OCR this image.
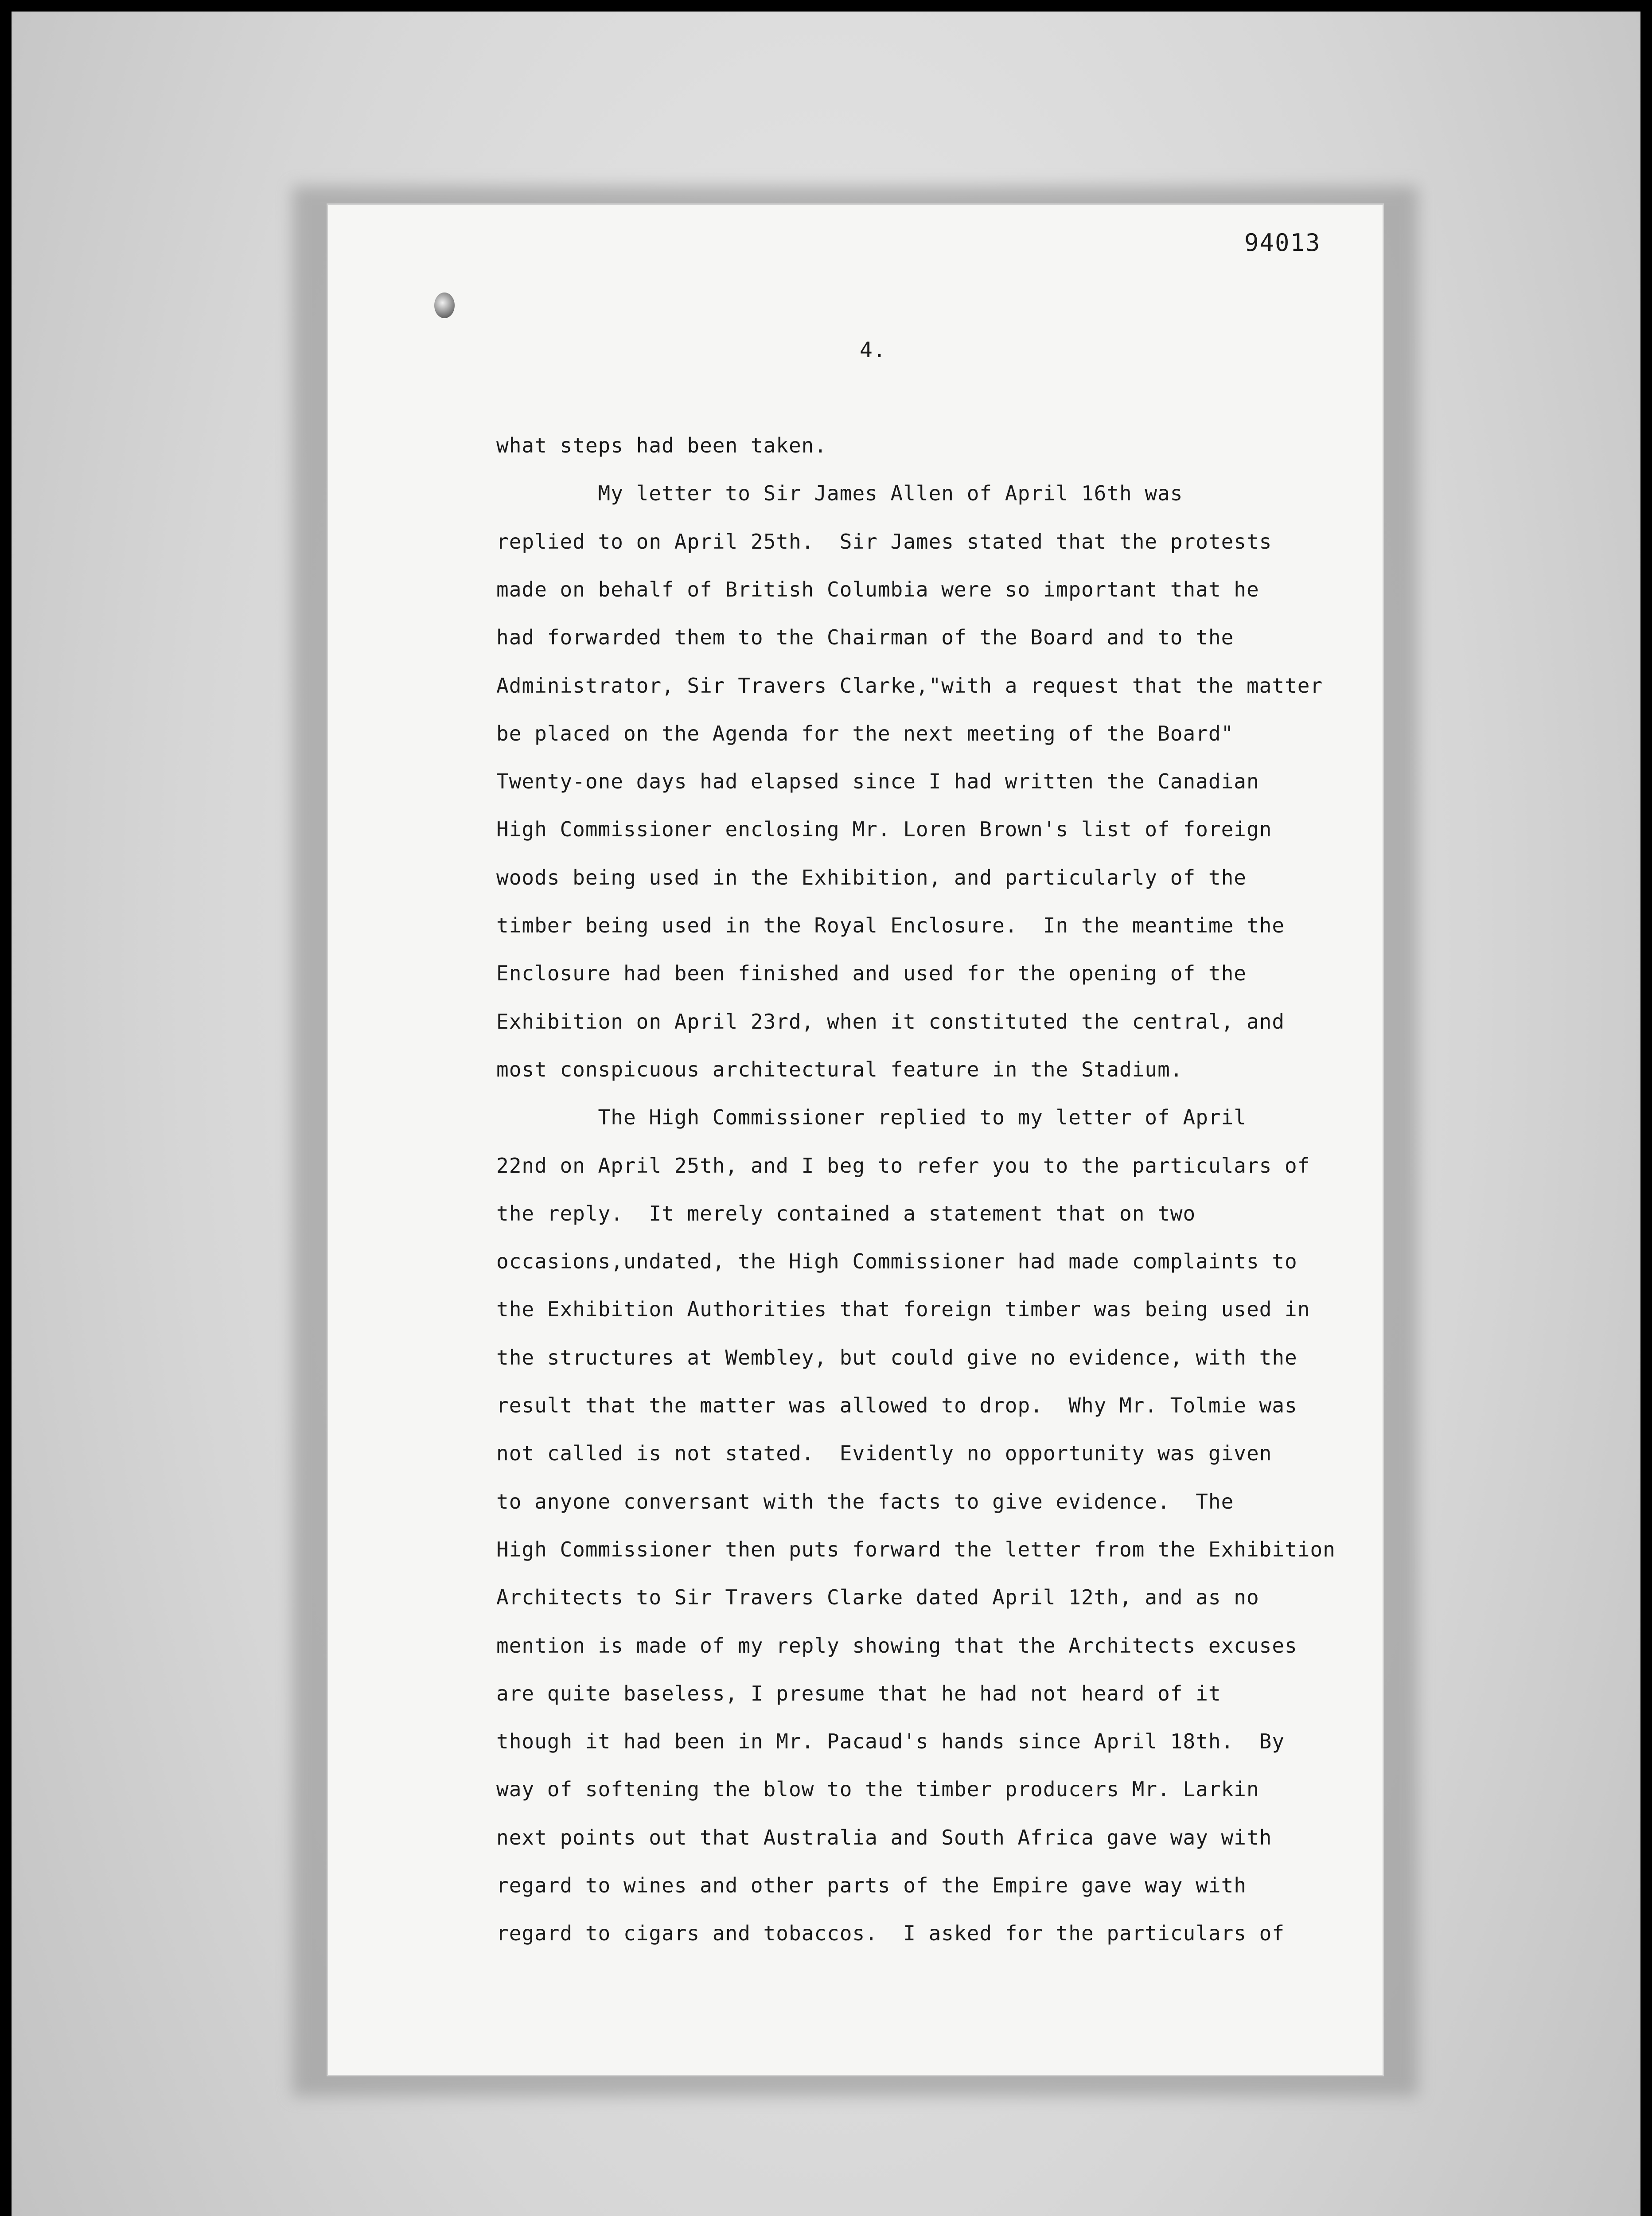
94013
4.
what steps had been taken.
My letter to Sir James Allen of April 16th was
replied to on April 25th.  Sir James stated that the protests
made on behalf of British Columbia were so important that he
had forwarded them to the Chairman of the Board and to the
Administrator, Sir Travers Clarke,"with a request that the matter
be placed on the Agenda for the next meeting of the Board"
Twenty-one days had elapsed since I had written the Canadian
High Commissioner enclosing Mr. Loren Brown's list of foreign
woods being used in the Exhibition, and particularly of the
timber being used in the Royal Enclosure.  In the meantime the
Enclosure had been finished and used for the opening of the
Exhibition on April 23rd, when it constituted the central, and
most conspicuous architectural feature in the Stadium.
The High Commissioner replied to my letter of April
22nd on April 25th, and I beg to refer you to the particulars of
the reply.  It merely contained a statement that on two
occasions,undated, the High Commissioner had made complaints to
the Exhibition Authorities that foreign timber was being used in
the structures at Wembley, but could give no evidence, with the
result that the matter was allowed to drop.  Why Mr. Tolmie was
not called is not stated.  Evidently no opportunity was given
to anyone conversant with the facts to give evidence.  The
High Commissioner then puts forward the letter from the Exhibition
Architects to Sir Travers Clarke dated April 12th, and as no
mention is made of my reply showing that the Architects excuses
are quite baseless, I presume that he had not heard of it
though it had been in Mr. Pacaud's hands since April 18th.  By
way of softening the blow to the timber producers Mr. Larkin
next points out that Australia and South Africa gave way with
regard to wines and other parts of the Empire gave way with
regard to cigars and tobaccos.  I asked for the particulars of
